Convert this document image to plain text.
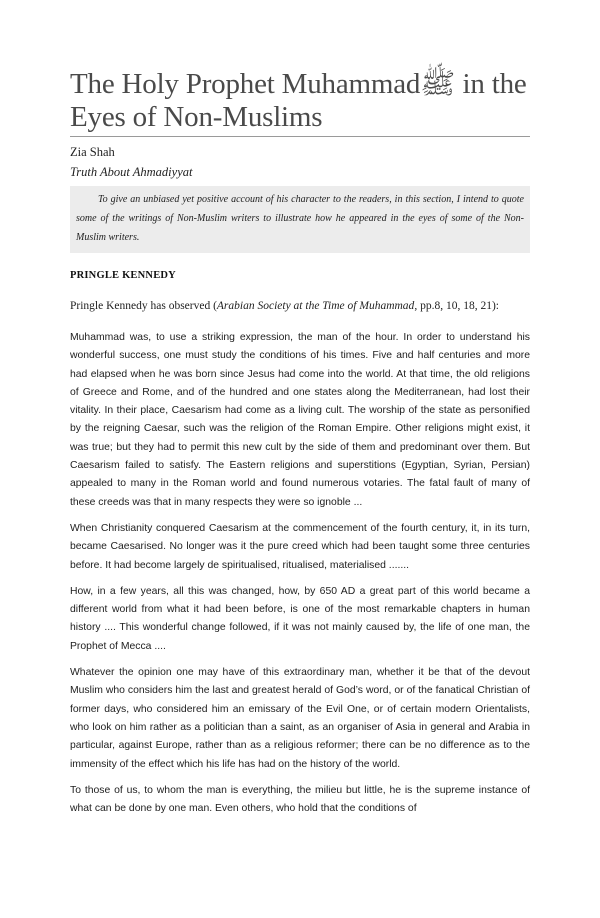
The Holy Prophet Muhammadﷺ in the Eyes of Non-Muslims
Zia Shah
Truth About Ahmadiyyat
To give an unbiased yet positive account of his character to the readers, in this section, I intend to quote some of the writings of Non-Muslim writers to illustrate how he appeared in the eyes of some of the Non-Muslim writers.
PRINGLE KENNEDY
Pringle Kennedy has observed (Arabian Society at the Time of Muhammad, pp.8, 10, 18, 21):

Muhammad was, to use a striking expression, the man of the hour. In order to understand his wonderful success, one must study the conditions of his times. Five and half centuries and more had elapsed when he was born since Jesus had come into the world. At that time, the old religions of Greece and Rome, and of the hundred and one states along the Mediterranean, had lost their vitality. In their place, Caesarism had come as a living cult. The worship of the state as personified by the reigning Caesar, such was the religion of the Roman Empire. Other religions might exist, it was true; but they had to permit this new cult by the side of them and predominant over them. But Caesarism failed to satisfy. The Eastern religions and superstitions (Egyptian, Syrian, Persian) appealed to many in the Roman world and found numerous votaries. The fatal fault of many of these creeds was that in many respects they were so ignoble ...

When Christianity conquered Caesarism at the commencement of the fourth century, it, in its turn, became Caesarised. No longer was it the pure creed which had been taught some three centuries before. It had become largely de spiritualised, ritualised, materialised .......

How, in a few years, all this was changed, how, by 650 AD a great part of this world became a different world from what it had been before, is one of the most remarkable chapters in human history .... This wonderful change followed, if it was not mainly caused by, the life of one man, the Prophet of Mecca ....

Whatever the opinion one may have of this extraordinary man, whether it be that of the devout Muslim who considers him the last and greatest herald of God’s word, or of the fanatical Christian of former days, who considered him an emissary of the Evil One, or of certain modern Orientalists, who look on him rather as a politician than a saint, as an organiser of Asia in general and Arabia in particular, against Europe, rather than as a religious reformer; there can be no difference as to the immensity of the effect which his life has had on the history of the world.

To those of us, to whom the man is everything, the milieu but little, he is the supreme instance of what can be done by one man. Even others, who hold that the conditions of
